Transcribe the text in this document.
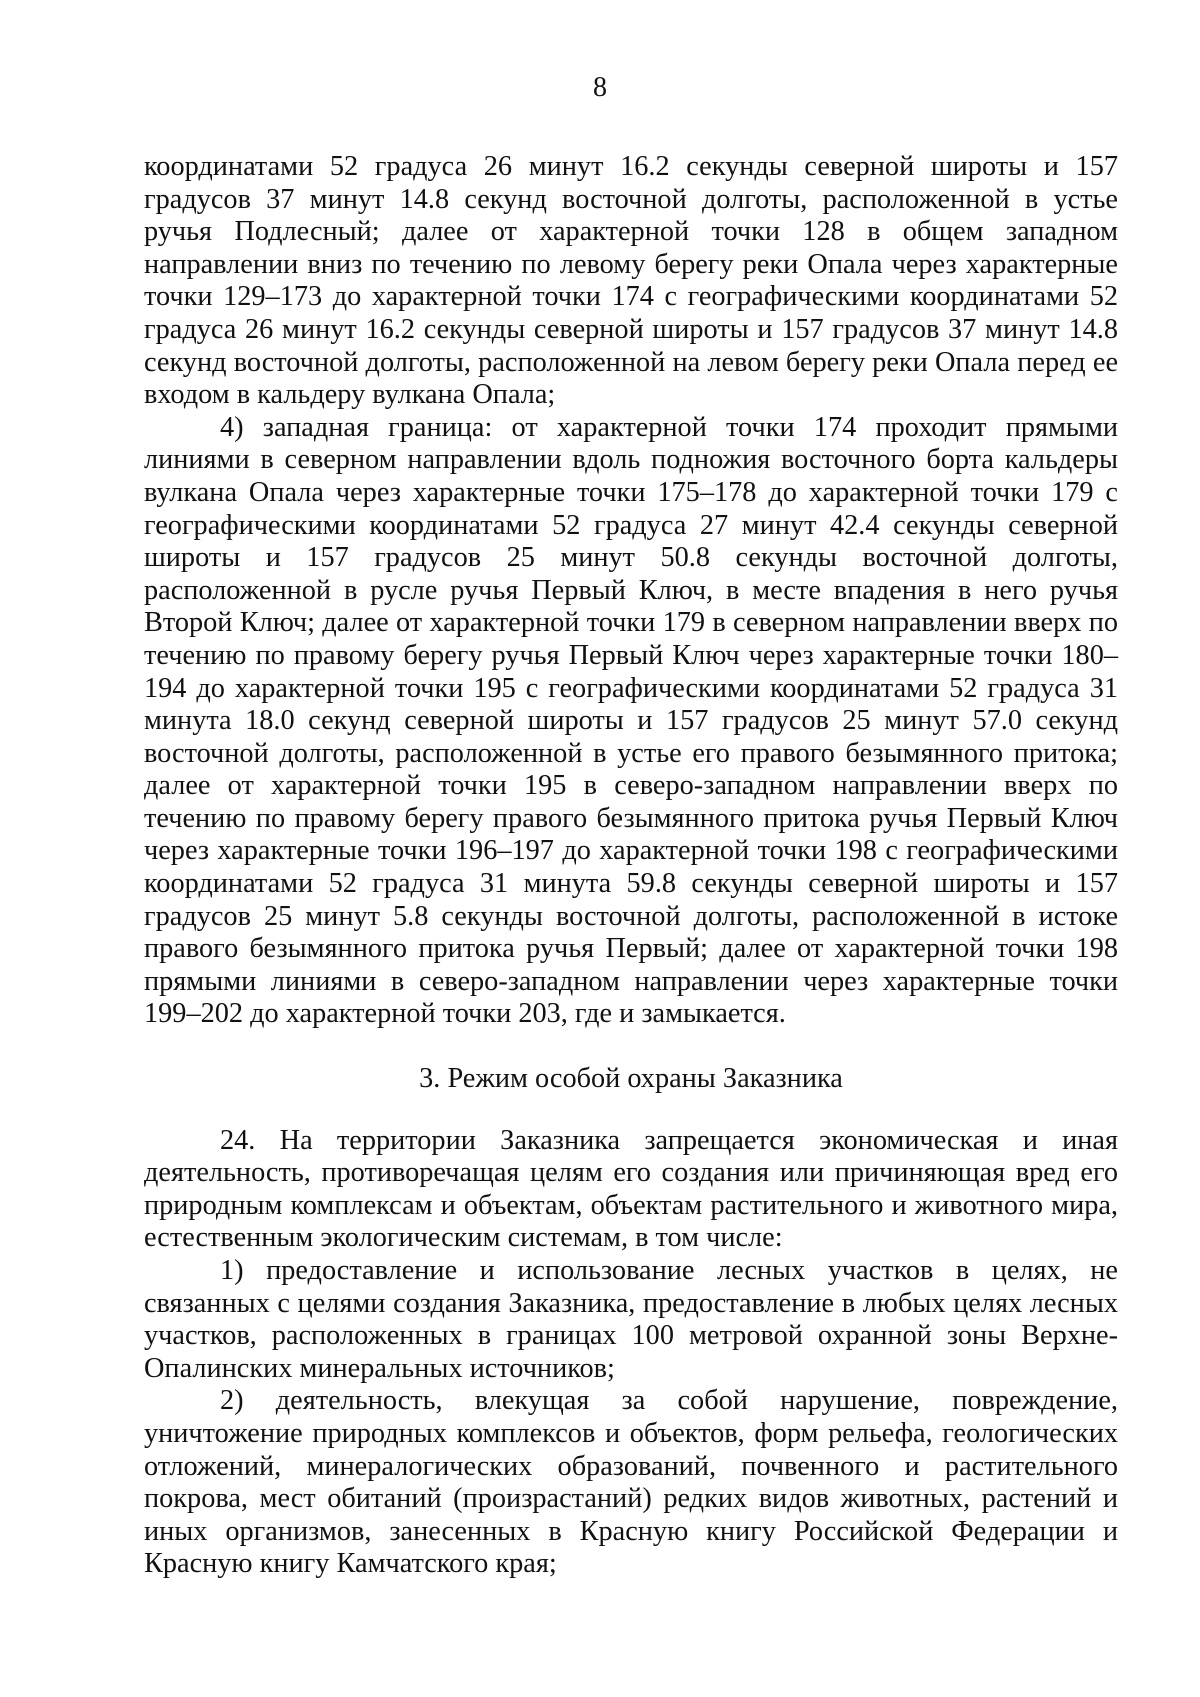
8

координатами 52 градуса 26 минут 16.2 секунды северной широты и 157 градусов 37 минут 14.8 секунд восточной долготы, расположенной в устье ручья Подлесный; далее от характерной точки 128 в общем западном направлении вниз по течению по левому берегу реки Опала через характерные точки 129–173 до характерной точки 174 с географическими координатами 52 градуса 26 минут 16.2 секунды северной широты и 157 градусов 37 минут 14.8 секунд восточной долготы, расположенной на левом берегу реки Опала перед ее входом в кальдеру вулкана Опала;

4) западная граница: от характерной точки 174 проходит прямыми линиями в северном направлении вдоль подножия восточного борта кальдеры вулкана Опала через характерные точки 175–178 до характерной точки 179 с географическими координатами 52 градуса 27 минут 42.4 секунды северной широты и 157 градусов 25 минут 50.8 секунды восточной долготы, расположенной в русле ручья Первый Ключ, в месте впадения в него ручья Второй Ключ; далее от характерной точки 179 в северном направлении вверх по течению по правому берегу ручья Первый Ключ через характерные точки 180–194 до характерной точки 195 с географическими координатами 52 градуса 31 минута 18.0 секунд северной широты и 157 градусов 25 минут 57.0 секунд восточной долготы, расположенной в устье его правого безымянного притока; далее от характерной точки 195 в северо-западном направлении вверх по течению по правому берегу правого безымянного притока ручья Первый Ключ через характерные точки 196–197 до характерной точки 198 с географическими координатами 52 градуса 31 минута 59.8 секунды северной широты и 157 градусов 25 минут 5.8 секунды восточной долготы, расположенной в истоке правого безымянного притока ручья Первый; далее от характерной точки 198 прямыми линиями в северо-западном направлении через характерные точки 199–202 до характерной точки 203, где и замыкается.

3. Режим особой охраны Заказника

24. На территории Заказника запрещается экономическая и иная деятельность, противоречащая целям его создания или причиняющая вред его природным комплексам и объектам, объектам растительного и животного мира, естественным экологическим системам, в том числе:

1) предоставление и использование лесных участков в целях, не связанных с целями создания Заказника, предоставление в любых целях лесных участков, расположенных в границах 100 метровой охранной зоны Верхне-Опалинских минеральных источников;

2) деятельность, влекущая за собой нарушение, повреждение, уничтожение природных комплексов и объектов, форм рельефа, геологических отложений, минералогических образований, почвенного и растительного покрова, мест обитаний (произрастаний) редких видов животных, растений и иных организмов, занесенных в Красную книгу Российской Федерации и Красную книгу Камчатского края;
